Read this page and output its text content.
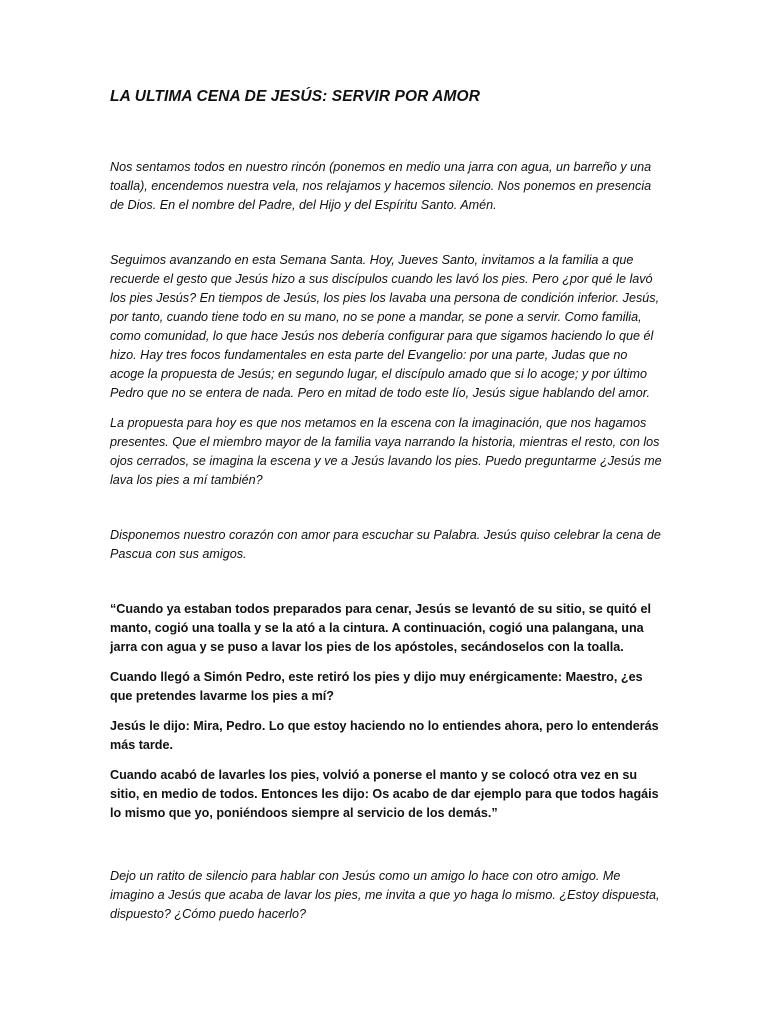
LA ULTIMA CENA DE JESÚS: SERVIR POR AMOR

Nos sentamos todos en nuestro rincón (ponemos en medio una jarra con agua, un barreño y una toalla), encendemos nuestra vela, nos relajamos y hacemos silencio. Nos ponemos en presencia de Dios. En el nombre del Padre, del Hijo y del Espíritu Santo. Amén.

Seguimos avanzando en esta Semana Santa. Hoy, Jueves Santo, invitamos a la familia a que recuerde el gesto que Jesús hizo a sus discípulos cuando les lavó los pies. Pero ¿por qué le lavó los pies Jesús? En tiempos de Jesús, los pies los lavaba una persona de condición inferior. Jesús, por tanto, cuando tiene todo en su mano, no se pone a mandar, se pone a servir. Como familia, como comunidad, lo que hace Jesús nos debería configurar para que sigamos haciendo lo que él hizo. Hay tres focos fundamentales en esta parte del Evangelio: por una parte, Judas que no acoge la propuesta de Jesús; en segundo lugar, el discípulo amado que si lo acoge; y por último Pedro que no se entera de nada. Pero en mitad de todo este lío, Jesús sigue hablando del amor.

La propuesta para hoy es que nos metamos en la escena con la imaginación, que nos hagamos presentes. Que el miembro mayor de la familia vaya narrando la historia, mientras el resto, con los ojos cerrados, se imagina la escena y ve a Jesús lavando los pies. Puedo preguntarme ¿Jesús me lava los pies a mí también?

Disponemos nuestro corazón con amor para escuchar su Palabra. Jesús quiso celebrar la cena de Pascua con sus amigos.

“Cuando ya estaban todos preparados para cenar, Jesús se levantó de su sitio, se quitó el manto, cogió una toalla y se la ató a la cintura. A continuación, cogió una palangana, una jarra con agua y se puso a lavar los pies de los apóstoles, secándoselos con la toalla.

Cuando llegó a Simón Pedro, este retiró los pies y dijo muy enérgicamente: Maestro, ¿es que pretendes lavarme los pies a mí?

Jesús le dijo: Mira, Pedro. Lo que estoy haciendo no lo entiendes ahora, pero lo entenderás más tarde.

Cuando acabó de lavarles los pies, volvió a ponerse el manto y se colocó otra vez en su sitio, en medio de todos. Entonces les dijo: Os acabo de dar ejemplo para que todos hagáis lo mismo que yo, poniéndoos siempre al servicio de los demás.”

Dejo un ratito de silencio para hablar con Jesús como un amigo lo hace con otro amigo. Me imagino a Jesús que acaba de lavar los pies, me invita a que yo haga lo mismo. ¿Estoy dispuesta, dispuesto? ¿Cómo puedo hacerlo?
